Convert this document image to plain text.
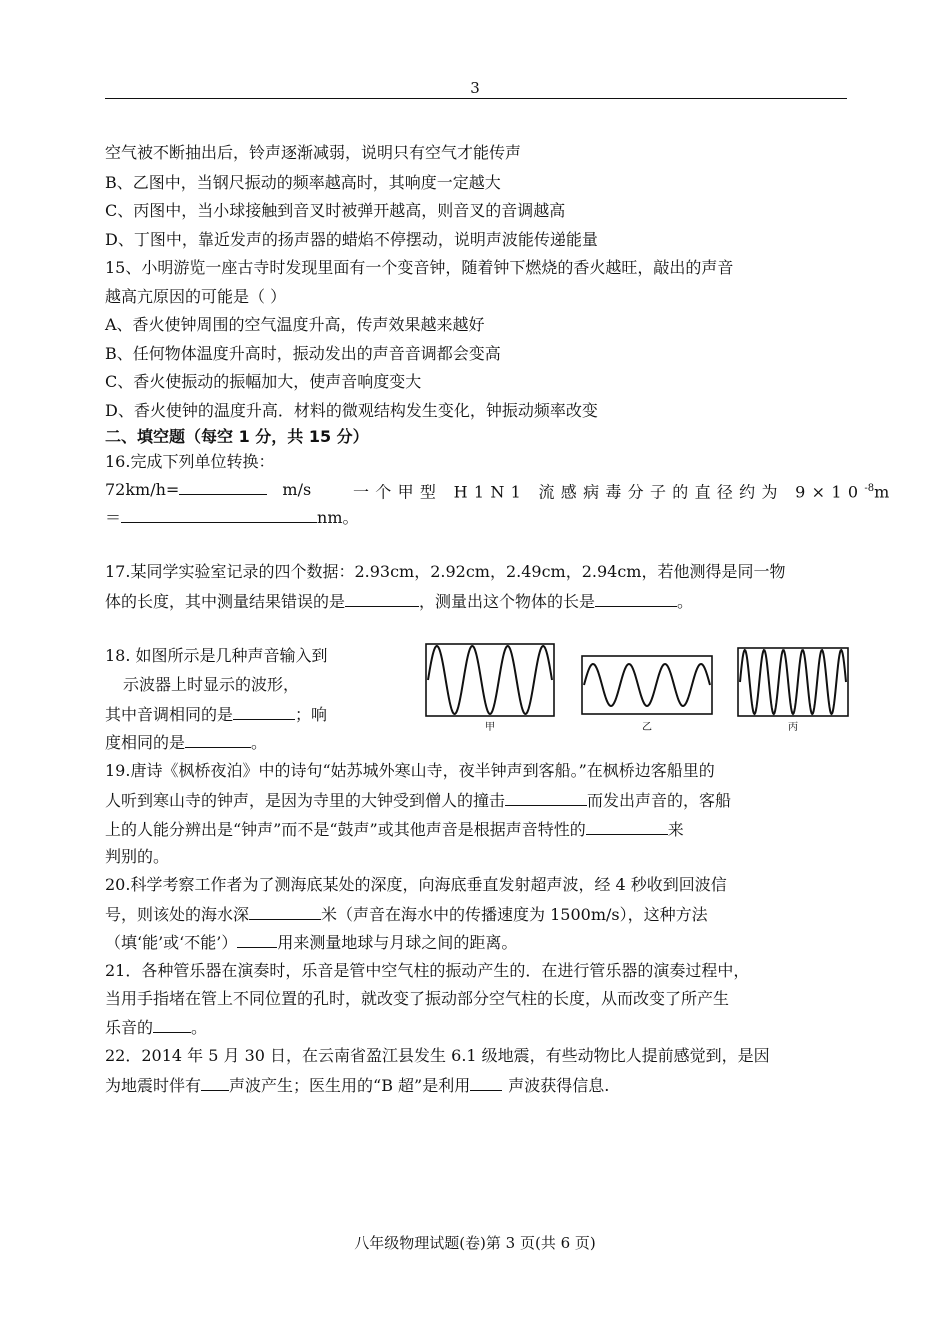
3
空气被不断抽出后，铃声逐渐减弱，说明只有空气才能传声
B、乙图中，当钢尺振动的频率越高时，其响度一定越大
C、丙图中，当小球接触到音叉时被弹开越高，则音叉的音调越高
D、丁图中，靠近发声的扬声器的蜡焰不停摆动，说明声波能传递能量
15、小明游览一座古寺时发现里面有一个变音钟，随着钟下燃烧的香火越旺，敲出的声音
越高亢原因的可能是（ ）
A、香火使钟周围的空气温度升高，传声效果越来越好
B、任何物体温度升高时，振动发出的声音音调都会变高
C、香火使振动的振幅加大，使声音响度变大
D、香火使钟的温度升高．材料的微观结构发生变化，钟振动频率改变
二、填空题（每空 1 分，共 15 分）
16.完成下列单位转换：
72km/h=	m/s	一个甲型 H1N1 流感病毒分子的直径约为 $9\times 10^{-8}m$
＝	nm。
17.某同学实验室记录的四个数据：2.93cm，2.92cm，2.49cm，2.94cm，若他测得是同一物
体的长度，其中测量结果错误的是	，测量出这个物体的长是	。
18. 如图所示是几种声音输入到
示波器上时显示的波形，
其中音调相同的是	；响
度相同的是	。
甲	乙	丙
19.唐诗《枫桥夜泊》中的诗句“姑苏城外寒山寺，夜半钟声到客船。”在枫桥边客船里的
人听到寒山寺的钟声，是因为寺里的大钟受到僧人的撞击	而发出声音的，客船
上的人能分辨出是“钟声”而不是“鼓声”或其他声音是根据声音特性的	来
判别的。
20.科学考察工作者为了测海底某处的深度，向海底垂直发射超声波，经 4 秒收到回波信
号，则该处的海水深	米（声音在海水中的传播速度为 1500m/s），这种方法
（填‘能’或‘不能’）	用来测量地球与月球之间的距离。
21．各种管乐器在演奏时，乐音是管中空气柱的振动产生的．在进行管乐器的演奏过程中，
当用手指堵在管上不同位置的孔时，就改变了振动部分空气柱的长度，从而改变了所产生
乐音的 。
22．2014 年 5 月 30 日，在云南省盈江县发生 6.1 级地震，有些动物比人提前感觉到，是因
为地震时伴有 声波产生；医生用的“B 超”是利用 声波获得信息.
八年级物理试题(卷)第 3 页(共 6 页)
